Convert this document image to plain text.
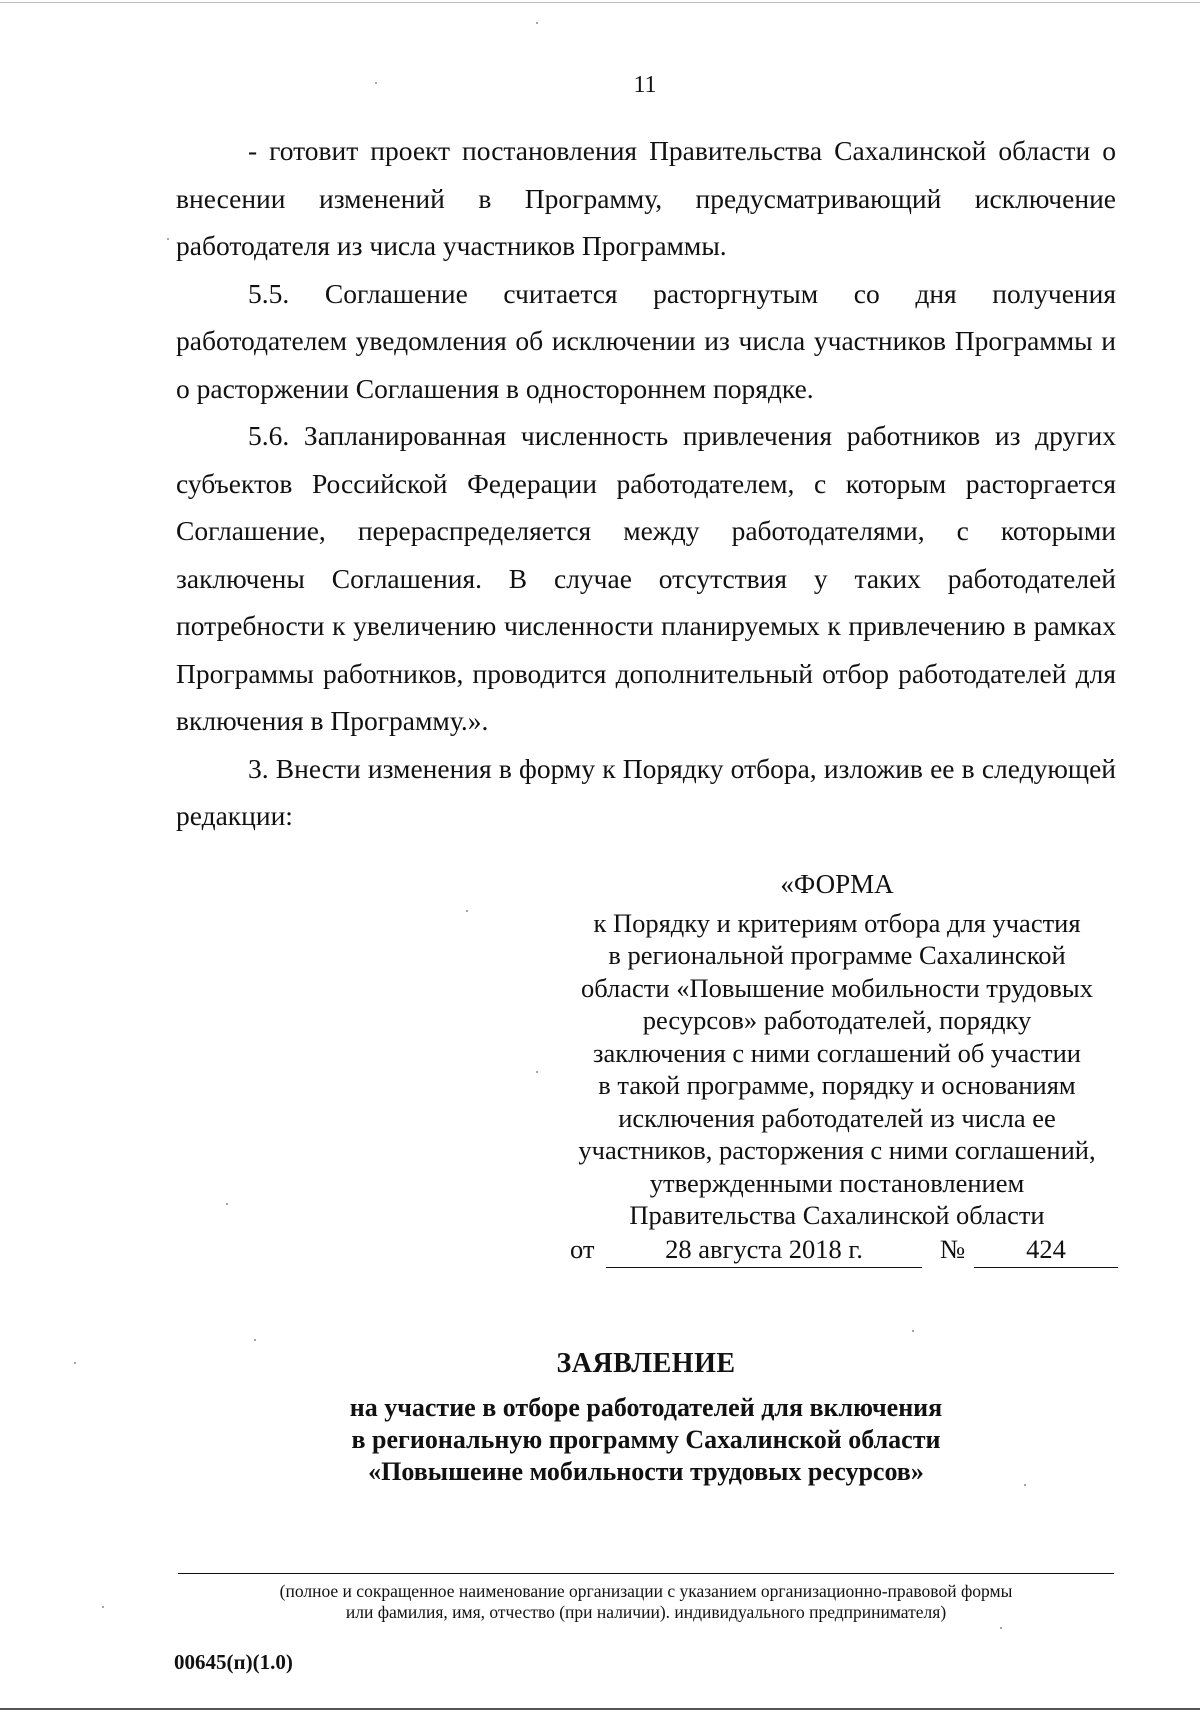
11

- готовит проект постановления Правительства Сахалинской области о внесении изменений в Программу, предусматривающий исключение работодателя из числа участников Программы.

5.5. Соглашение считается расторгнутым со дня получения работодателем уведомления об исключении из числа участников Программы и о расторжении Соглашения в одностороннем порядке.

5.6. Запланированная численность привлечения работников из других субъектов Российской Федерации работодателем, с которым расторгается Соглашение, перераспределяется между работодателями, с которыми заключены Соглашения. В случае отсутствия у таких работодателей потребности к увеличению численности планируемых к привлечению в рамках Программы работников, проводится дополнительный отбор работодателей для включения в Программу.».

3. Внести изменения в форму к Порядку отбора, изложив ее в следующей редакции:

«ФОРМА
к Порядку и критериям отбора для участия
в региональной программе Сахалинской
области «Повышение мобильности трудовых
ресурсов» работодателей, порядку
заключения с ними соглашений об участии
в такой программе, порядку и основаниям
исключения работодателей из числа ее
участников, расторжения с ними соглашений,
утвержденными постановлением
Правительства Сахалинской области
от	28 августа 2018 г.	№	424
ЗАЯВЛЕНИЕ
на участие в отборе работодателей для включения
в региональную программу Сахалинской области
«Повышеине мобильности трудовых ресурсов»
(полное и сокращенное наименование организации с указанием организационно-правовой формы
или фамилия, имя, отчество (при наличии). индивидуального предпринимателя)
00645(п)(1.0)
